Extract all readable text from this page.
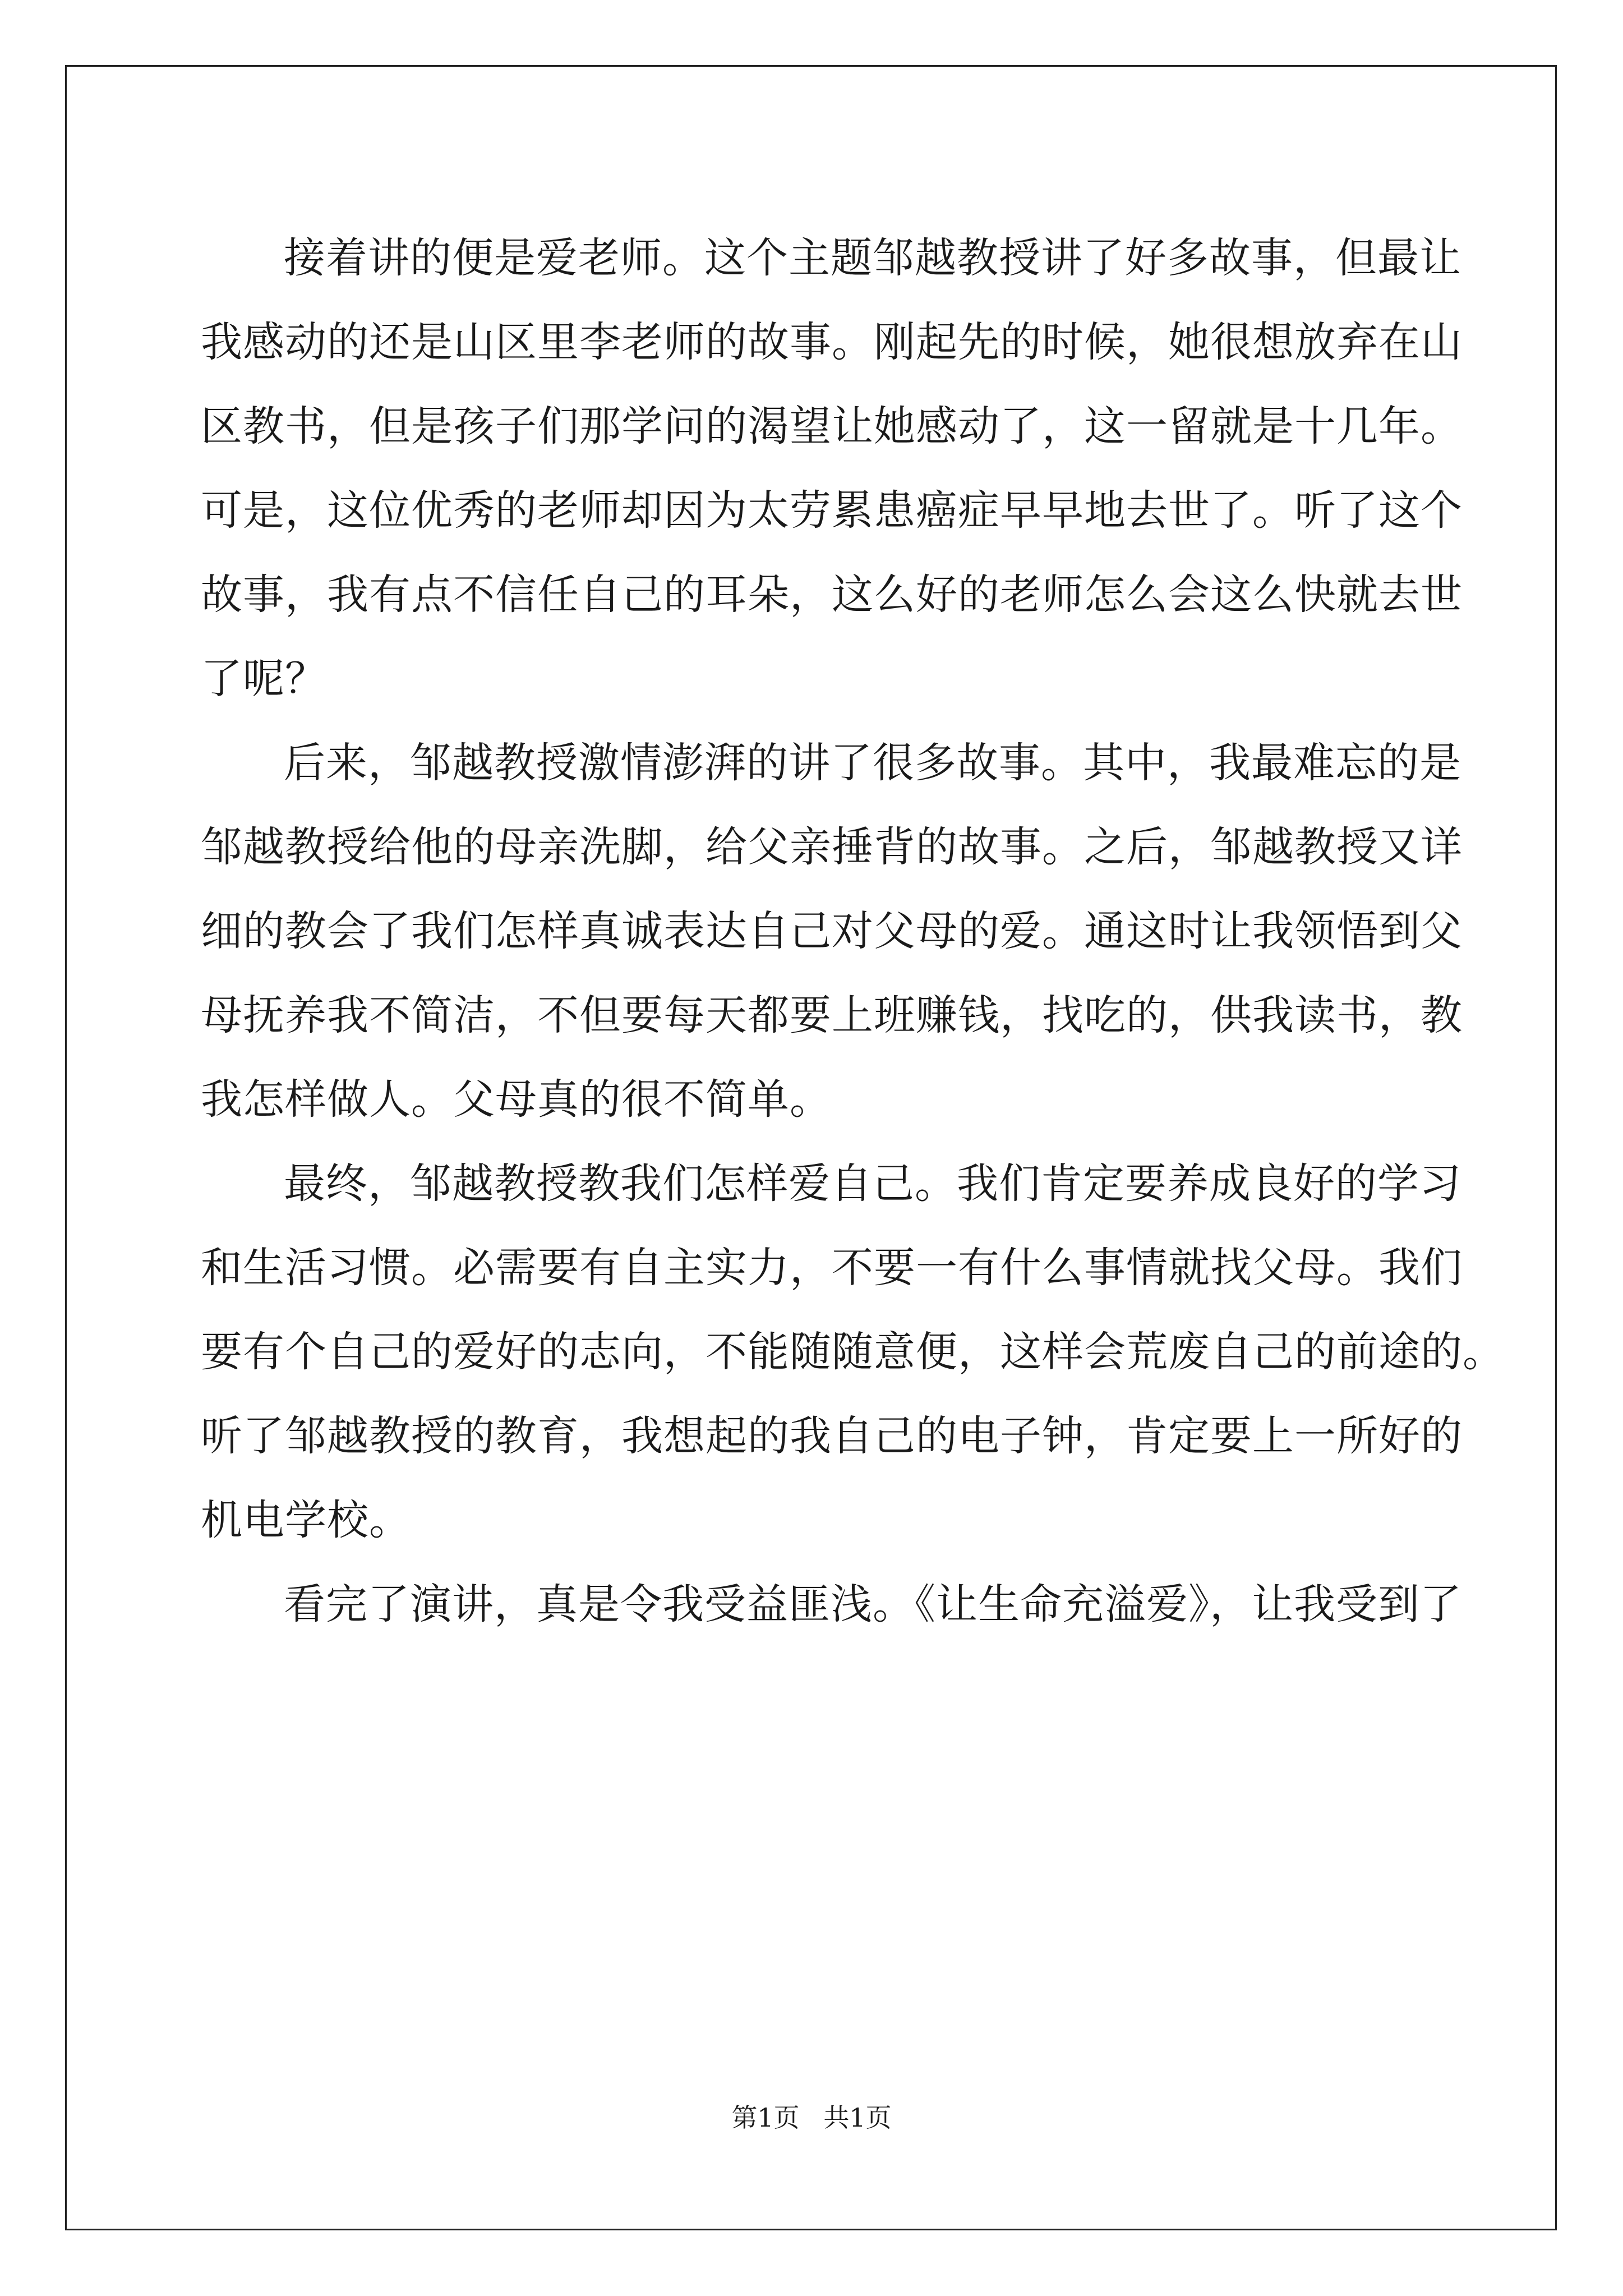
接着讲的便是爱老师。这个主题邹越教授讲了好多故事，但最让
我感动的还是山区里李老师的故事。刚起先的时候，她很想放弃在山
区教书，但是孩子们那学问的渴望让她感动了，这一留就是十几年。
可是，这位优秀的老师却因为太劳累患癌症早早地去世了。听了这个
故事，我有点不信任自己的耳朵，这么好的老师怎么会这么快就去世
了呢？
后来，邹越教授激情澎湃的讲了很多故事。其中，我最难忘的是
邹越教授给他的母亲洗脚，给父亲捶背的故事。之后，邹越教授又详
细的教会了我们怎样真诚表达自己对父母的爱。通这时让我领悟到父
母抚养我不简洁，不但要每天都要上班赚钱，找吃的，供我读书，教
我怎样做人。父母真的很不简单。
最终，邹越教授教我们怎样爱自己。我们肯定要养成良好的学习
和生活习惯。必需要有自主实力，不要一有什么事情就找父母。我们
要有个自己的爱好的志向，不能随随意便，这样会荒废自己的前途的。
听了邹越教授的教育，我想起的我自己的电子钟，肯定要上一所好的
机电学校。
看完了演讲，真是令我受益匪浅。《让生命充溢爱》，让我受到了
第1页 共1页
